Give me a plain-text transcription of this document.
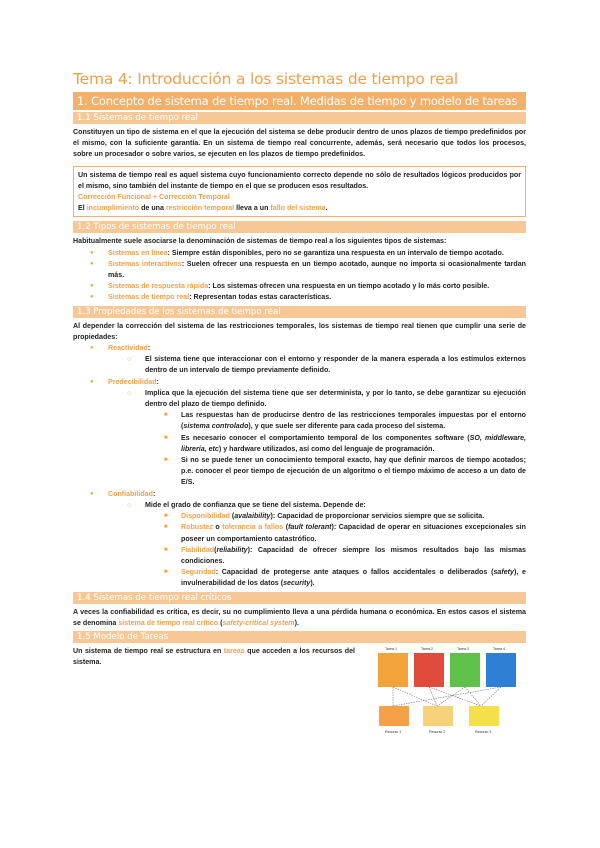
Tema 4: Introducción a los sistemas de tiempo real
1. Concepto de sistema de tiempo real. Medidas de tiempo y modelo de tareas
1.1 Sistemas de tiempo real

Constituyen un tipo de sistema en el que la ejecución del sistema se debe producir dentro de unos plazos de tiempo predefinidos por el mismo, con la suficiente garantía. En un sistema de tiempo real concurrente, además, será necesario que todos los procesos, sobre un procesador o sobre varios, se ejecuten en los plazos de tiempo predefinidos.

Un sistema de tiempo real es aquel sistema cuyo funcionamiento correcto depende no sólo de resultados lógicos producidos por el mismo, sino también del instante de tiempo en el que se producen esos resultados.

Corrección Funcional + Corrección Temporal

El incumplimiento de una restricción temporal lleva a un fallo del sistema.

1.2 Tipos de sistemas de tiempo real

Habitualmente suele asociarse la denominación de sistemas de tiempo real a los siguientes tipos de sistemas:

● Sistemas en línea: Siempre están disponibles, pero no se garantiza una respuesta en un intervalo de tiempo acotado.
● Sistemas interactivos: Suelen ofrecer una respuesta en un tiempo acotado, aunque no importa si ocasionalmente tardan más.
● Sistemas de respuesta rápida: Los sistemas ofrecen una respuesta en un tiempo acotado y lo más corto posible.
● Sistemas de tiempo real: Representan todas estas características.
1.3 Propiedades de los sistemas de tiempo real

Al depender la corrección del sistema de las restricciones temporales, los sistemas de tiempo real tienen que cumplir una serie de propiedades:

● Reactividad:
○ El sistema tiene que interaccionar con el entorno y responder de la manera esperada a los estímulos externos dentro de un intervalo de tiempo previamente definido.
● Predecibilidad:
○ Implica que la ejecución del sistema tiene que ser determinista, y por lo tanto, se debe garantizar su ejecución dentro del plazo de tiempo definido.
■ Las respuestas han de producirse dentro de las restricciones temporales impuestas por el entorno (sistema controlado), y que suele ser diferente para cada proceso del sistema.
■ Es necesario conocer el comportamiento temporal de los componentes software (SO, middleware, librería, etc) y hardware utilizados, así como del lenguaje de programación.
■ Si no se puede tener un conocimiento temporal exacto, hay que definir marcos de tiempo acotados; p.e. conocer el peor tiempo de ejecución de un algoritmo o el tiempo máximo de acceso a un dato de E/S.
● Confiabilidad:
○ Mide el grado de confianza que se tiene del sistema. Depende de:
■ Disponibilidad (avalaibility): Capacidad de proporcionar servicios siempre que se solicita.
■ Robustez o tolerancia a fallos (fault tolerant): Capacidad de operar en situaciones excepcionales sin poseer un comportamiento catastrófico.
■ Fiabilidad(reliability): Capacidad de ofrecer siempre los mismos resultados bajo las mismas condiciones.
■ Seguridad: Capacidad de protegerse ante ataques o fallos accidentales o deliberados (safety), e invulnerabilidad de los datos (security).
1.4 Sistemas de tiempo real críticos

A veces la confiabilidad es crítica, es decir, su no cumplimiento lleva a una pérdida humana o económica. En estos casos el sistema se denomina sistema de tiempo real crítico (safety-critical system).

1.5 Modelo de Tareas

Un sistema de tiempo real se estructura en tareas que acceden a los recursos del sistema.

Tarea 1	Tarea 2	Tarea 3	Tarea 4
Recurso 1	Recurso 2	Recurso 3
